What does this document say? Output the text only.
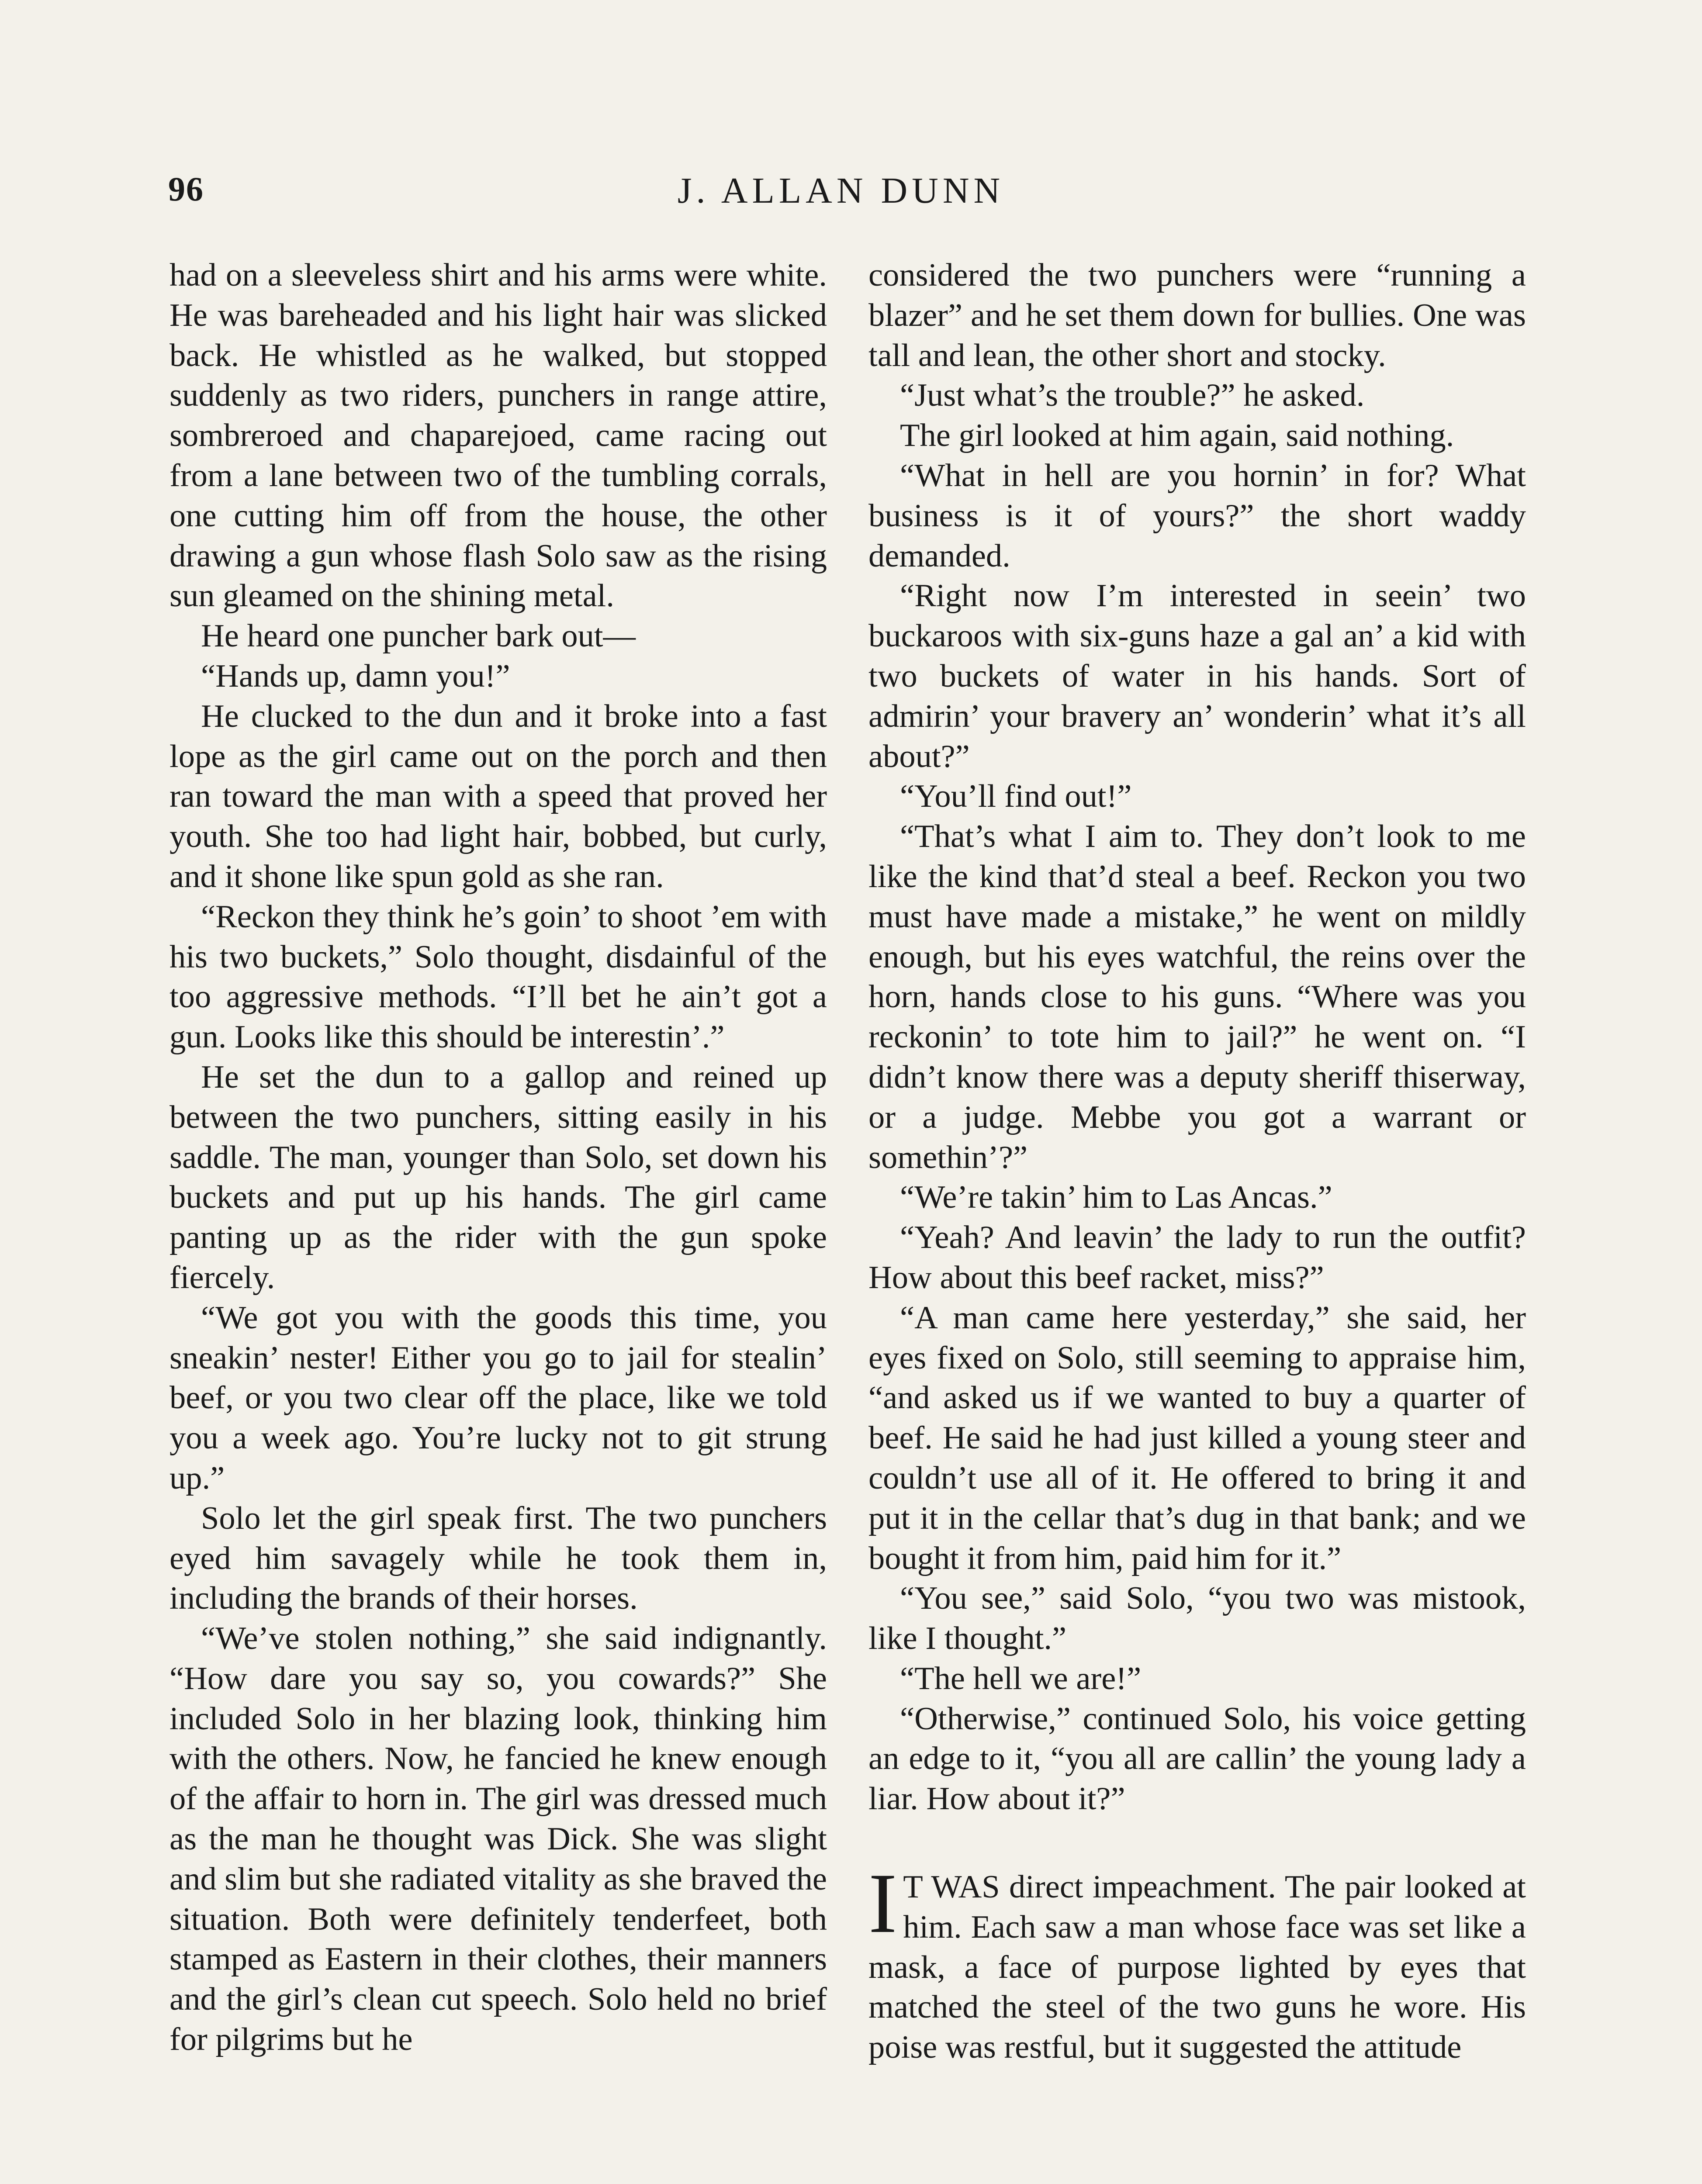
96	J. ALLAN DUNN

had on a sleeveless shirt and his arms were white. He was bareheaded and his light hair was slicked back. He whistled as he walked, but stopped suddenly as two riders, punchers in range attire, sombreroed and chaparejoed, came racing out from a lane between two of the tumbling corrals, one cutting him off from the house, the other drawing a gun whose flash Solo saw as the rising sun gleamed on the shining metal.

He heard one puncher bark out—

“Hands up, damn you!”

He clucked to the dun and it broke into a fast lope as the girl came out on the porch and then ran toward the man with a speed that proved her youth. She too had light hair, bobbed, but curly, and it shone like spun gold as she ran.

“Reckon they think he’s goin’ to shoot ’em with his two buckets,” Solo thought, disdainful of the too aggressive methods. “I’ll bet he ain’t got a gun. Looks like this should be interestin’.”

He set the dun to a gallop and reined up between the two punchers, sitting easily in his saddle. The man, younger than Solo, set down his buckets and put up his hands. The girl came panting up as the rider with the gun spoke fiercely.

“We got you with the goods this time, you sneakin’ nester! Either you go to jail for stealin’ beef, or you two clear off the place, like we told you a week ago. You’re lucky not to git strung up.”

Solo let the girl speak first. The two punchers eyed him savagely while he took them in, including the brands of their horses.

“We’ve stolen nothing,” she said indignantly. “How dare you say so, you cowards?” She included Solo in her blazing look, thinking him with the others. Now, he fancied he knew enough of the affair to horn in. The girl was dressed much as the man he thought was Dick. She was slight and slim but she radiated vitality as she braved the situation. Both were definitely tenderfeet, both stamped as Eastern in their clothes, their manners and the girl’s clean cut speech. Solo held no brief for pilgrims but he

considered the two punchers were “running a blazer” and he set them down for bullies. One was tall and lean, the other short and stocky.

“Just what’s the trouble?” he asked.

The girl looked at him again, said nothing.

“What in hell are you hornin’ in for? What business is it of yours?” the short waddy demanded.

“Right now I’m interested in seein’ two buckaroos with six-guns haze a gal an’ a kid with two buckets of water in his hands. Sort of admirin’ your bravery an’ wonderin’ what it’s all about?”

“You’ll find out!”

“That’s what I aim to. They don’t look to me like the kind that’d steal a beef. Reckon you two must have made a mistake,” he went on mildly enough, but his eyes watchful, the reins over the horn, hands close to his guns. “Where was you reckonin’ to tote him to jail?” he went on. “I didn’t know there was a deputy sheriff thiserway, or a judge. Mebbe you got a warrant or somethin’?”

“We’re takin’ him to Las Ancas.”

“Yeah? And leavin’ the lady to run the outfit? How about this beef racket, miss?”

“A man came here yesterday,” she said, her eyes fixed on Solo, still seeming to appraise him, “and asked us if we wanted to buy a quarter of beef. He said he had just killed a young steer and couldn’t use all of it. He offered to bring it and put it in the cellar that’s dug in that bank; and we bought it from him, paid him for it.”

“You see,” said Solo, “you two was mistook, like I thought.”

“The hell we are!”

“Otherwise,” continued Solo, his voice getting an edge to it, “you all are callin’ the young lady a liar. How about it?”

I T WAS direct impeachment. The pair looked at him. Each saw a man whose face was set like a mask, a face of purpose lighted by eyes that matched the steel of the two guns he wore. His poise was restful, but it suggested the attitude
